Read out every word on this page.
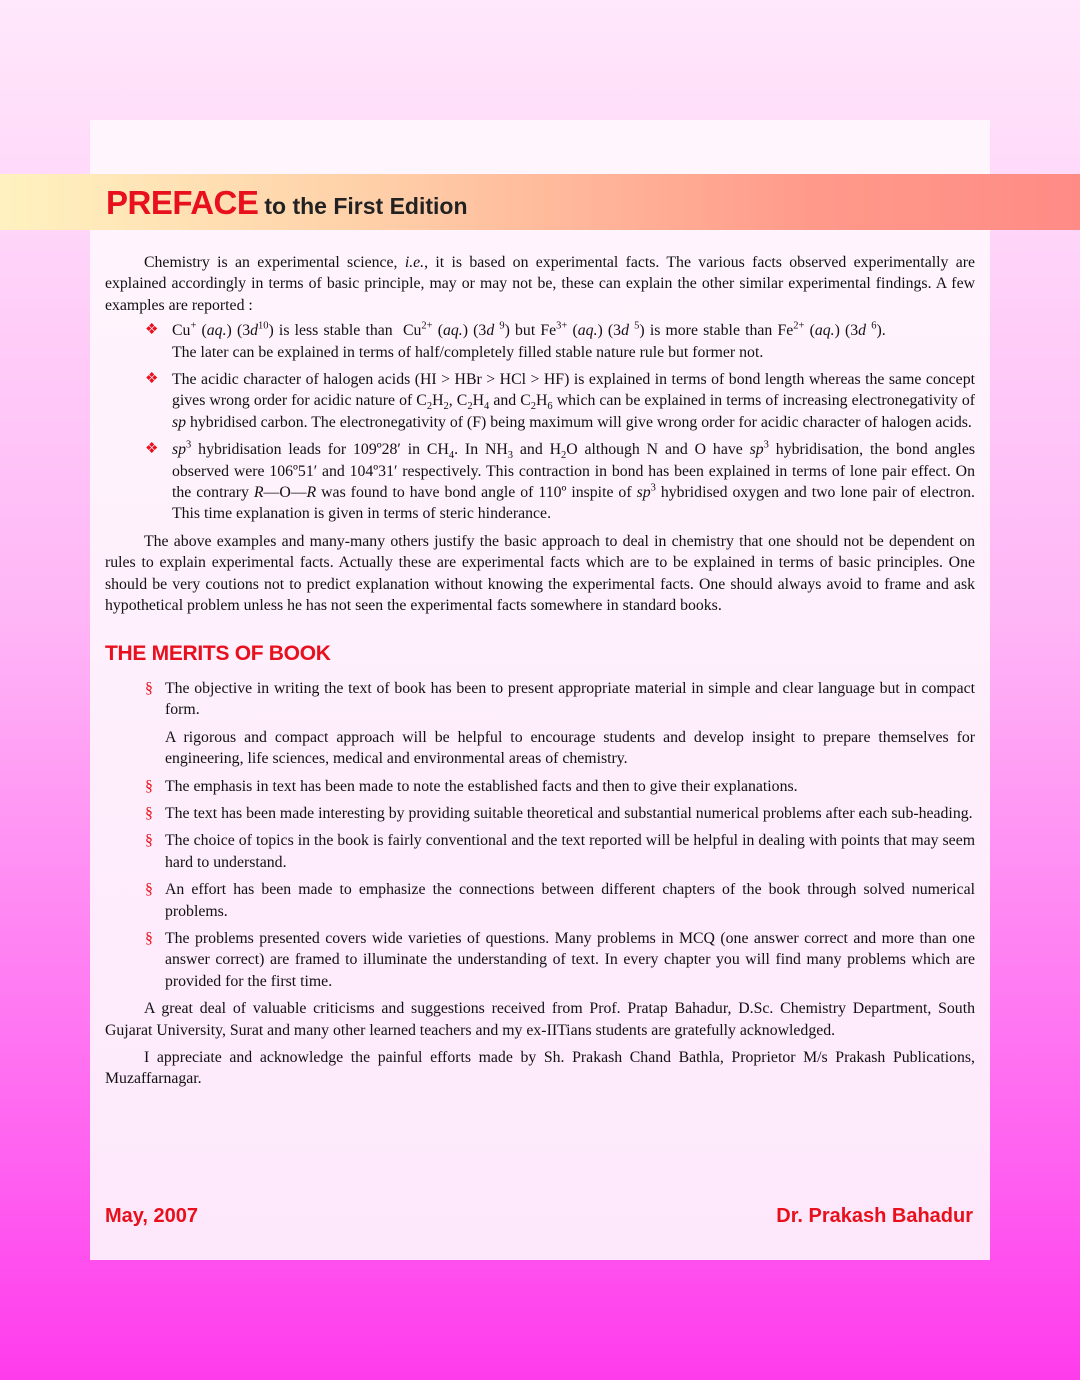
PREFACE to the First Edition

Chemistry is an experimental science, i.e., it is based on experimental facts. The various facts observed experimentally are explained accordingly in terms of basic principle, may or may not be, these can explain the other similar experimental findings. A few examples are reported :

❖ Cu+ (aq.) $(3d^{10})$ is less stable than  $Cu^{2+}$ (aq.) (3d $^9$) but $Fe^{3+}$ (aq.) (3d $^5$) is more stable than $Fe^{2+}$ (aq.) (3d $^6$).
The later can be explained in terms of half/completely filled stable nature rule but former not.
❖ The acidic character of halogen acids (HI > HBr > HCl > HF) is explained in terms of bond length whereas the same concept gives wrong order for acidic nature of $C_2H_2$, $C_2H_4$ and $C_2H_6$ which can be explained in terms of increasing electronegativity of sp hybridised carbon. The electronegativity of (F) being maximum will give wrong order for acidic character of halogen acids.
❖ $sp^3$ hybridisation leads for 109º28′ in $CH_4$. In $NH_3$ and $H_2O$ although N and O have $sp^3$ hybridisation, the bond angles observed were 106º51′ and 104º31′ respectively. This contraction in bond has been explained in terms of lone pair effect. On the contrary R—O—R was found to have bond angle of 110º inspite of $sp^3$ hybridised oxygen and two lone pair of electron. This time explanation is given in terms of steric hinderance.

The above examples and many-many others justify the basic approach to deal in chemistry that one should not be dependent on rules to explain experimental facts. Actually these are experimental facts which are to be explained in terms of basic principles. One should be very coutions not to predict explanation without knowing the experimental facts. One should always avoid to frame and ask hypothetical problem unless he has not seen the experimental facts somewhere in standard books.

THE MERITS OF BOOK
§ The objective in writing the text of book has been to present appropriate material in simple and clear language but in compact form.
A rigorous and compact approach will be helpful to encourage students and develop insight to prepare themselves for engineering, life sciences, medical and environmental areas of chemistry.
§ The emphasis in text has been made to note the established facts and then to give their explanations.
§ The text has been made interesting by providing suitable theoretical and substantial numerical problems after each sub-heading.
§ The choice of topics in the book is fairly conventional and the text reported will be helpful in dealing with points that may seem hard to understand.
§ An effort has been made to emphasize the connections between different chapters of the book through solved numerical problems.
§ The problems presented covers wide varieties of questions. Many problems in MCQ (one answer correct and more than one answer correct) are framed to illuminate the understanding of text. In every chapter you will find many problems which are provided for the first time.

A great deal of valuable criticisms and suggestions received from Prof. Pratap Bahadur, D.Sc. Chemistry Department, South Gujarat University, Surat and many other learned teachers and my ex-IITians students are gratefully acknowledged.

I appreciate and acknowledge the painful efforts made by Sh. Prakash Chand Bathla, Proprietor M/s Prakash Publications, Muzaffarnagar.

May, 2007	Dr. Prakash Bahadur
